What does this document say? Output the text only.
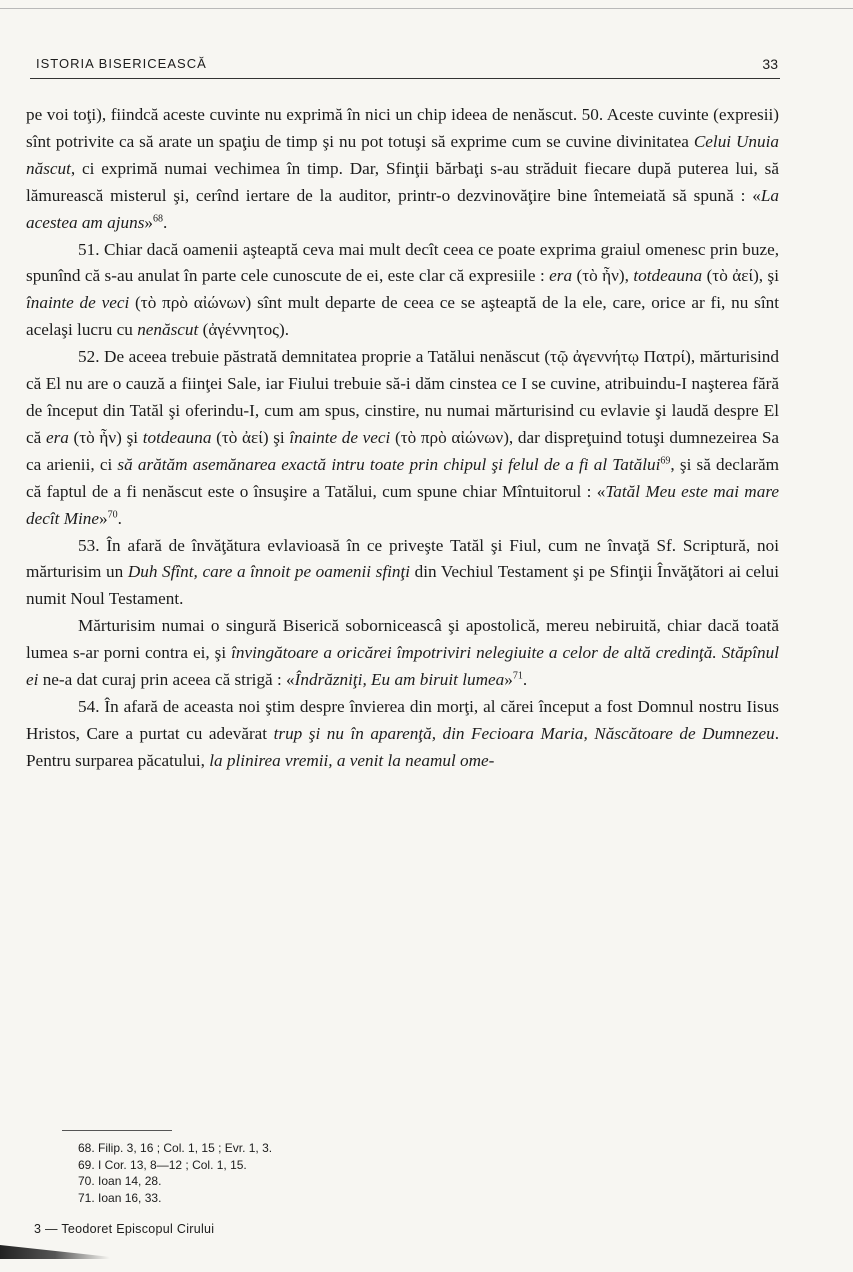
ISTORIA BISERICEASCĂ	33

pe voi toţi), fiindcă aceste cuvinte nu exprimă în nici un chip ideea de nenăscut. 50. Aceste cuvinte (expresii) sînt potrivite ca să arate un spaţiu de timp şi nu pot totuşi să exprime cum se cuvine divinitatea Celui Unuia născut, ci exprimă numai vechimea în timp. Dar, Sfinţii bărbaţi s-au străduit fiecare după puterea lui, să lămurească misterul şi, cerînd iertare de la auditor, printr-o dezvinovăţire bine întemeiată să spună : «La acestea am ajuns»$^{68}$.

51. Chiar dacă oamenii aşteaptă ceva mai mult decît ceea ce poate exprima graiul omenesc prin buze, spunînd că s-au anulat în parte cele cunoscute de ei, este clar că expresiile : era (τὸ ἦν), totdeauna (τὸ ἀεί), şi înainte de veci (τὸ πρὸ αἰώνων) sînt mult departe de ceea ce se aşteaptă de la ele, care, orice ar fi, nu sînt acelaşi lucru cu nenăscut (ἀγέννητος).

52. De aceea trebuie păstrată demnitatea proprie a Tatălui nenăscut (τῷ ἀγεννήτῳ Πατρί), mărturisind că El nu are o cauză a fiinţei Sale, iar Fiului trebuie să-i dăm cinstea ce I se cuvine, atribuindu-I naşterea fără de început din Tatăl şi oferindu-I, cum am spus, cinstire, nu numai mărturisind cu evlavie şi laudă despre El că era (τὸ ἦν) şi totdeauna (τὸ ἀεί) şi înainte de veci (τὸ πρὸ αἰώνων), dar dispreţuind totuşi dumnezeirea Sa ca arienii, ci să arătăm asemănarea exactă intru toate prin chipul şi felul de a fi al Tatălui$^{69}$, şi să declarăm că faptul de a fi nenăscut este o însuşire a Tatălui, cum spune chiar Mîntuitorul : «Tatăl Meu este mai mare decît Mine»$^{70}$.

53. În afară de învăţătura evlavioasă în ce priveşte Tatăl şi Fiul, cum ne învaţă Sf. Scriptură, noi mărturisim un Duh Sfînt, care a înnoit pe oamenii sfinţi din Vechiul Testament şi pe Sfinţii Învăţători ai celui numit Noul Testament.

Mărturisim numai o singură Biserică soborniceascâ şi apostolică, mereu nebiruită, chiar dacă toată lumea s-ar porni contra ei, şi învingătoare a oricărei împotriviri nelegiuite a celor de altă credinţă. Stăpînul ei ne-a dat curaj prin aceea că strigă : «Îndrăzniţi, Eu am biruit lumea»$^{71}$.

54. În afară de aceasta noi ştim despre învierea din morţi, al cărei început a fost Domnul nostru Iisus Hristos, Care a purtat cu adevărat trup şi nu în aparenţă, din Fecioara Maria, Născătoare de Dumnezeu. Pentru surparea păcatului, la plinirea vremii, a venit la neamul ome-

68. Filip. 3, 16 ; Col. 1, 15 ; Evr. 1, 3.
69. I Cor. 13, 8—12 ; Col. 1, 15.
70. Ioan 14, 28.
71. Ioan 16, 33.
3 — Teodoret Episcopul Cirului
